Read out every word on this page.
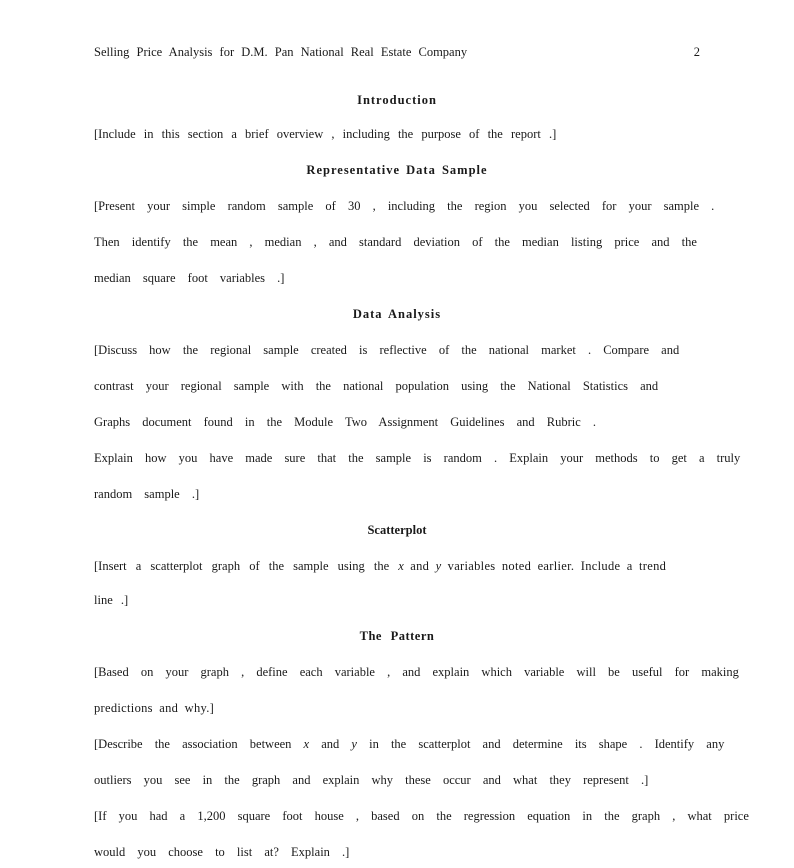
Selling Price Analysis for D.M. Pan National Real Estate Company	2
Introduction
[Include in this section a brief overview , including the purpose of the report .]
Representative Data Sample
[Present your simple random sample of 30 , including the region you selected for your sample .
Then identify the mean , median , and standard deviation of the median listing price and the
median square foot variables .]
Data Analysis
[Discuss how the regional sample created is reflective of the national market . Compare and
contrast your regional sample with the national population using the National Statistics and
Graphs document found in the Module Two Assignment Guidelines and Rubric .
Explain how you have made sure that the sample is random . Explain your methods to get a truly
random sample .]
Scatterplot
[Insert a scatterplot graph of the sample using the x and y variables noted earlier. Include a trend
line .]
The Pattern
[Based on your graph , define each variable , and explain which variable will be useful for making
predictions and why.]
[Describe the association between x and y in the scatterplot and determine its shape . Identify any
outliers you see in the graph and explain why these occur and what they represent .]
[If you had a 1,200 square foot house , based on the regression equation in the graph , what price
would you choose to list at? Explain .]
